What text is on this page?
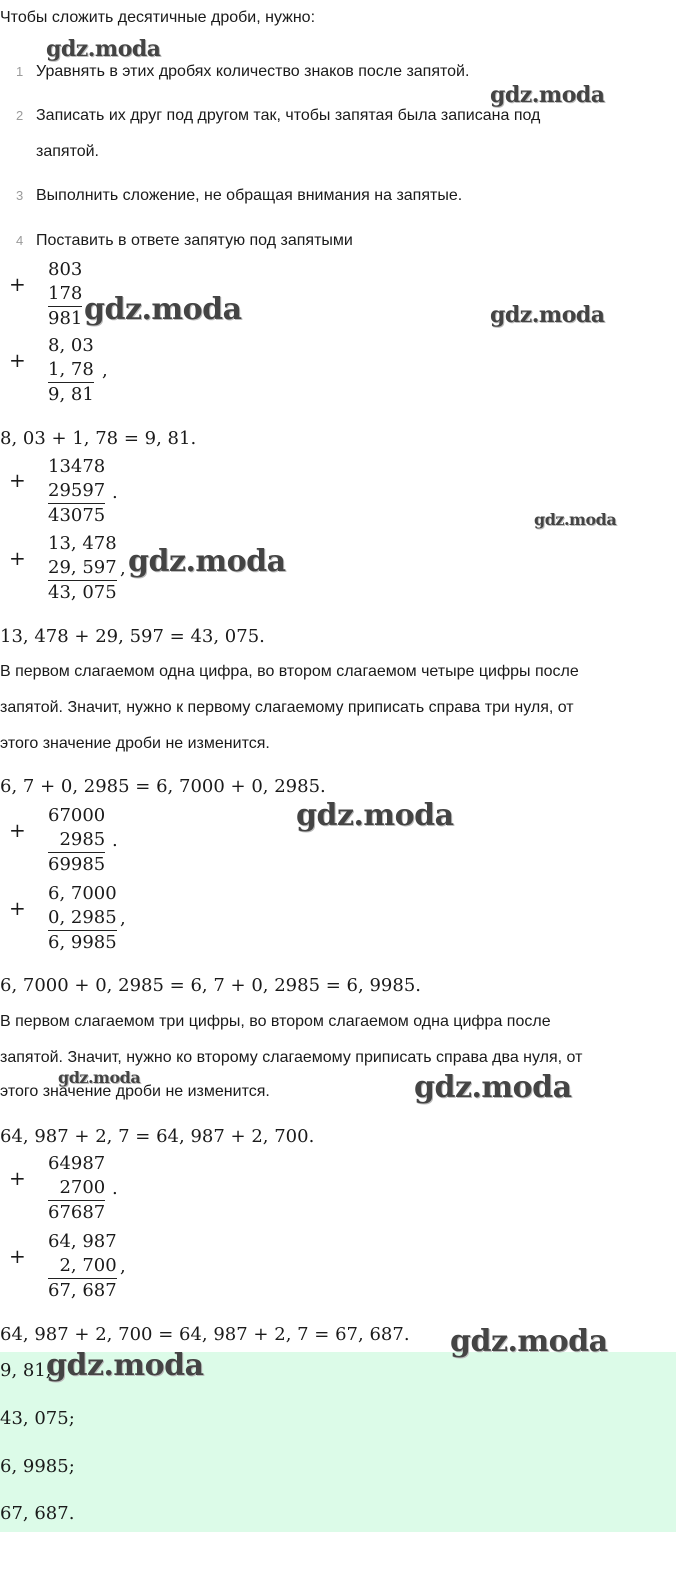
Чтобы сложить десятичные дроби, нужно:
1 Уравнять в этих дробях количество знаков после запятой.
2 Записать их друг под другом так, чтобы запятая была записана под
запятой.
3 Выполнить сложение, не обращая внимания на запятые.
4 Поставить в ответе запятую под запятыми
+
803
178
981
+
8, 03
1, 78
9, 81
,
8, 03 + 1, 78 = 9, 81.
+
13478
29597
43075
.
+
13, 478
29, 597
43, 075
,
13, 478 + 29, 597 = 43, 075.
В первом слагаемом одна цифра, во втором слагаемом четыре цифры после
запятой. Значит, нужно к первому слагаемому приписать справа три нуля, от
этого значение дроби не изменится.
6, 7 + 0, 2985 = 6, 7000 + 0, 2985.
+
67000
2985
69985
.
+
6, 7000
0, 2985
6, 9985
,
6, 7000 + 0, 2985 = 6, 7 + 0, 2985 = 6, 9985.
В первом слагаемом три цифры, во втором слагаемом одна цифра после
запятой. Значит, нужно ко второму слагаемому приписать справа два нуля, от
этого значение дроби не изменится.
64, 987 + 2, 7 = 64, 987 + 2, 700.
+
64987
2700
67687
.
+
64, 987
2, 700
67, 687
,
64, 987 + 2, 700 = 64, 987 + 2, 7 = 67, 687.
9, 81;
43, 075;
6, 9985;
67, 687.
gdz.moda
gdz.moda
gdz.moda	gdz.moda
gdz.moda
gdz.moda
gdz.moda
gdz.moda	gdz.moda
gdz.moda
gdz.moda
